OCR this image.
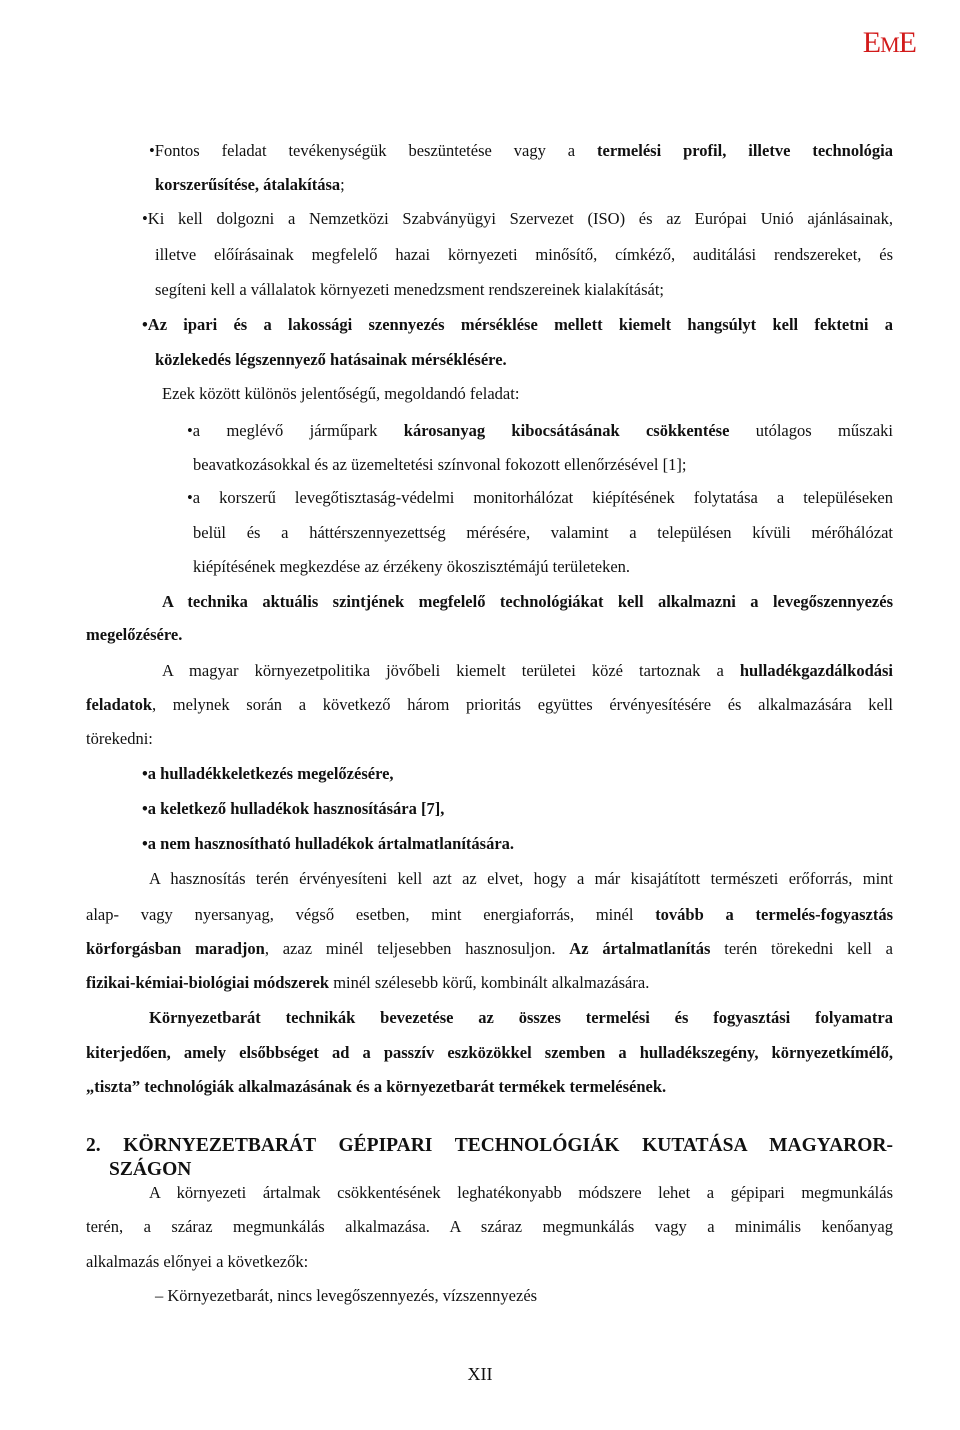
EME
•Fontos feladat tevékenységük beszüntetése vagy a termelési profil, illetve technológia
korszerűsítése, átalakítása;
•Ki kell dolgozni a Nemzetközi Szabványügyi Szervezet (ISO) és az Európai Unió ajánlásainak,
illetve előírásainak megfelelő hazai környezeti minősítő, címkéző, auditálási rendszereket, és
segíteni kell a vállalatok környezeti menedzsment rendszereinek kialakítását;
•Az ipari és a lakossági szennyezés mérséklése mellett kiemelt hangsúlyt kell fektetni a
közlekedés légszennyező hatásainak mérséklésére.
Ezek között különös jelentőségű, megoldandó feladat:
•a meglévő járműpark károsanyag kibocsátásának csökkentése utólagos műszaki
beavatkozásokkal és az üzemeltetési színvonal fokozott ellenőrzésével [1];
•a korszerű levegőtisztaság-védelmi monitorhálózat kiépítésének folytatása a településeken
belül és a háttérszennyezettség mérésére, valamint a településen kívüli mérőhálózat
kiépítésének megkezdése az érzékeny ökoszisztémájú területeken.
A technika aktuális szintjének megfelelő technológiákat kell alkalmazni a levegőszennyezés
megelőzésére.
A magyar környezetpolitika jövőbeli kiemelt területei közé tartoznak a hulladékgazdálkodási
feladatok, melynek során a következő három prioritás együttes érvényesítésére és alkalmazására kell
törekedni:
•a hulladékkeletkezés megelőzésére,
•a keletkező hulladékok hasznosítására [7],
•a nem hasznosítható hulladékok ártalmatlanítására.
A hasznosítás terén érvényesíteni kell azt az elvet, hogy a már kisajátított természeti erőforrás, mint
alap- vagy nyersanyag, végső esetben, mint energiaforrás, minél tovább a termelés-fogyasztás
körforgásban maradjon, azaz minél teljesebben hasznosuljon. Az ártalmatlanítás terén törekedni kell a
fizikai-kémiai-biológiai módszerek minél szélesebb körű, kombinált alkalmazására.
Környezetbarát technikák bevezetése az összes termelési és fogyasztási folyamatra
kiterjedően, amely elsőbbséget ad a passzív eszközökkel szemben a hulladékszegény, környezetkímélő,
„tiszta” technológiák alkalmazásának és a környezetbarát termékek termelésének.
2. KÖRNYEZETBARÁT GÉPIPARI TECHNOLÓGIÁK KUTATÁSA MAGYAROR-
SZÁGON
A környezeti ártalmak csökkentésének leghatékonyabb módszere lehet a gépipari megmunkálás
terén, a száraz megmunkálás alkalmazása. A száraz megmunkálás vagy a minimális kenőanyag
alkalmazás előnyei a következők:
– Környezetbarát, nincs levegőszennyezés, vízszennyezés
XII
